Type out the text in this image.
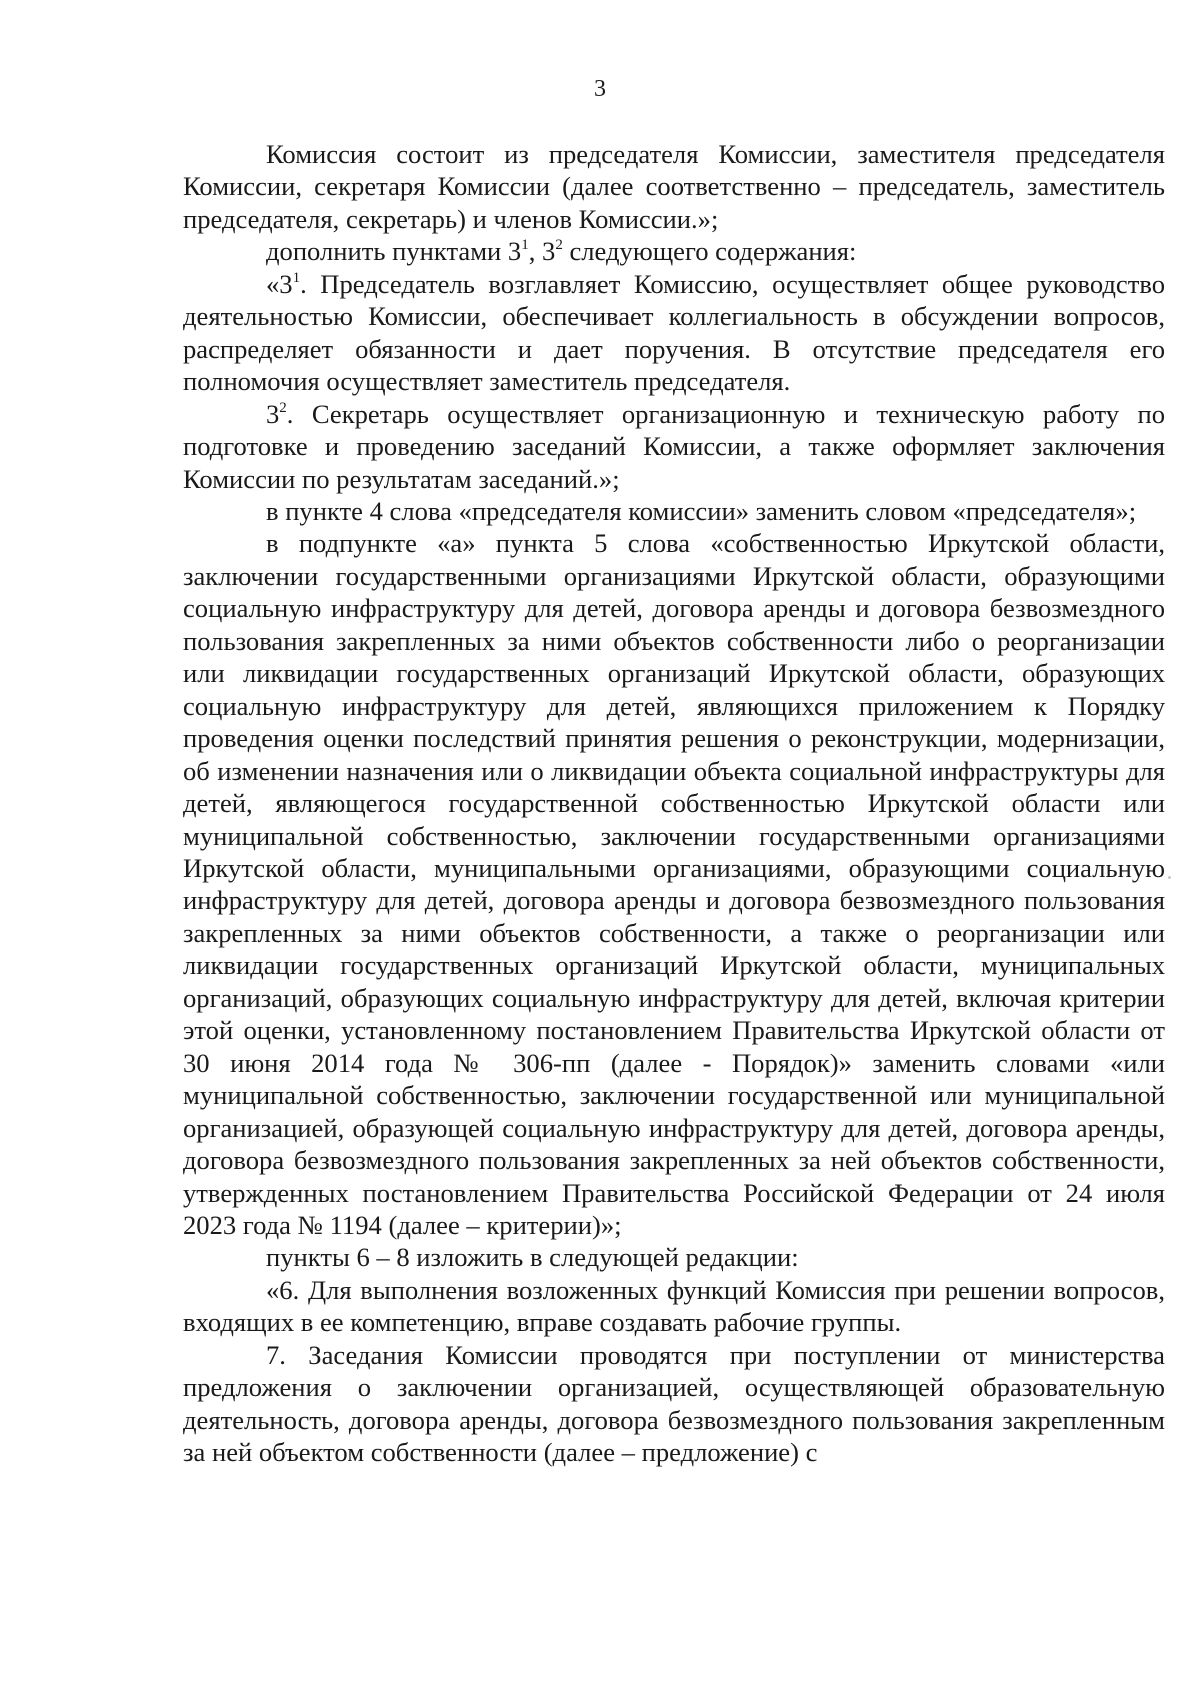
3

Комиссия состоит из председателя Комиссии, заместителя председателя Комиссии, секретаря Комиссии (далее соответственно – председатель, заместитель председателя, секретарь) и членов Комиссии.»;

дополнить пунктами $3^1$, $3^2$ следующего содержания:

«$3^1$. Председатель возглавляет Комиссию, осуществляет общее руководство деятельностью Комиссии, обеспечивает коллегиальность в обсуждении вопросов, распределяет обязанности и дает поручения. В отсутствие председателя его полномочия осуществляет заместитель председателя.

$3^2$. Секретарь осуществляет организационную и техническую работу по подготовке и проведению заседаний Комиссии, а также оформляет заключения Комиссии по результатам заседаний.»;

в пункте 4 слова «председателя комиссии» заменить словом «председателя»;

в подпункте «а» пункта 5 слова «собственностью Иркутской области, заключении государственными организациями Иркутской области, образующими социальную инфраструктуру для детей, договора аренды и договора безвозмездного пользования закрепленных за ними объектов собственности либо о реорганизации или ликвидации государственных организаций Иркутской области, образующих социальную инфраструктуру для детей, являющихся приложением к Порядку проведения оценки последствий принятия решения о реконструкции, модернизации, об изменении назначения или о ликвидации объекта социальной инфраструктуры для детей, являющегося государственной собственностью Иркутской области или муниципальной собственностью, заключении государственными организациями Иркутской области, муниципальными организациями, образующими социальную инфраструктуру для детей, договора аренды и договора безвозмездного пользования закрепленных за ними объектов собственности, а также о реорганизации или ликвидации государственных организаций Иркутской области, муниципальных организаций, образующих социальную инфраструктуру для детей, включая критерии этой оценки, установленному постановлением Правительства Иркутской области от 30 июня 2014 года № 306-пп (далее - Порядок)» заменить словами «или муниципальной собственностью, заключении государственной или муниципальной организацией, образующей социальную инфраструктуру для детей, договора аренды, договора безвозмездного пользования закрепленных за ней объектов собственности, утвержденных постановлением Правительства Российской Федерации от 24 июля 2023 года № 1194 (далее – критерии)»;

пункты 6 – 8 изложить в следующей редакции:

«6. Для выполнения возложенных функций Комиссия при решении вопросов, входящих в ее компетенцию, вправе создавать рабочие группы.

7. Заседания Комиссии проводятся при поступлении от министерства предложения о заключении организацией, осуществляющей образовательную деятельность, договора аренды, договора безвозмездного пользования закрепленным за ней объектом собственности (далее – предложение) с
